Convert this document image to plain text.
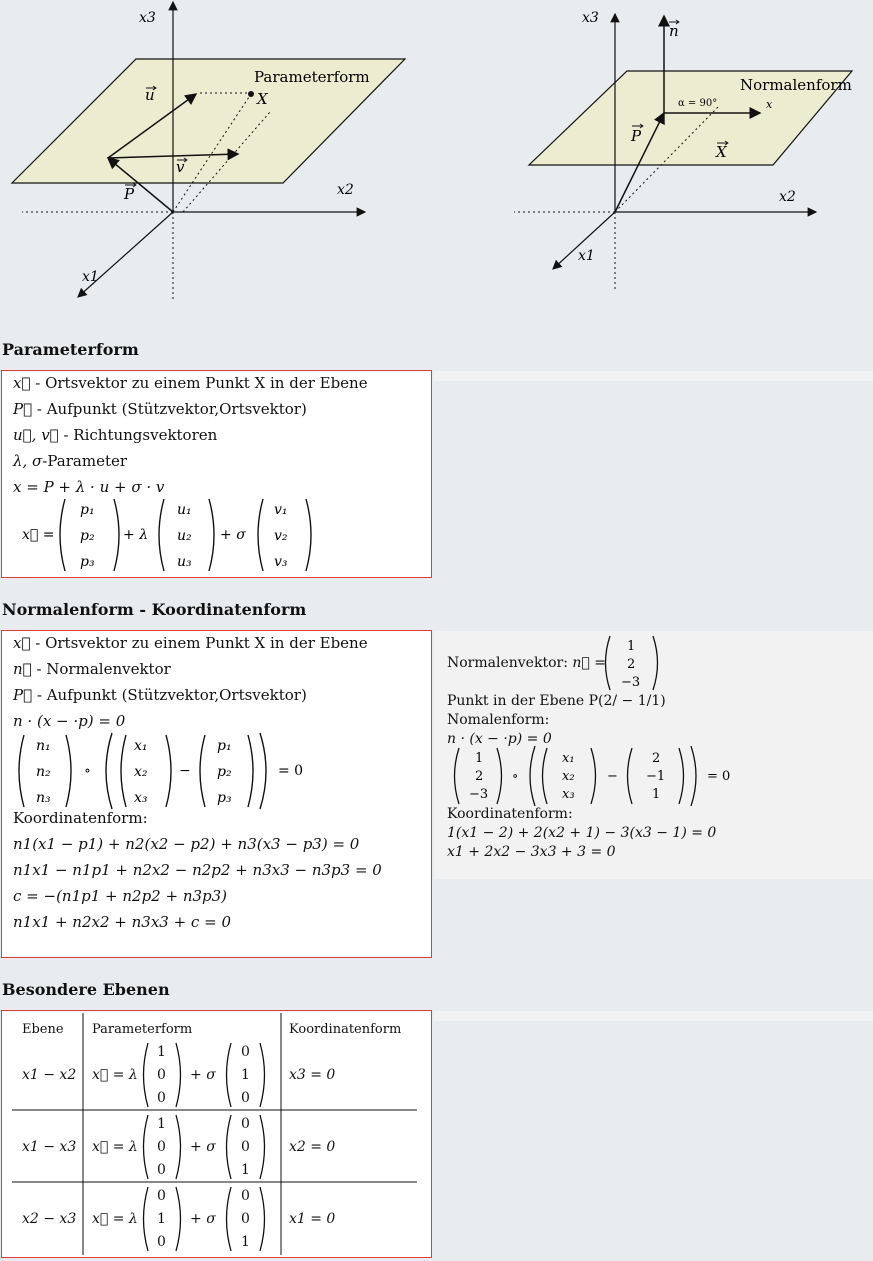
x3
x2
x1
u
v
P
X
Parameterform
x3
x2
x1
n
P
X
x
α = 90°
Normalenform
Parameterform
x⃗ - Ortsvektor zu einem Punkt X in der Ebene
P⃗ - Aufpunkt (Stützvektor,Ortsvektor)
u⃗, v⃗ - Richtungsvektoren
λ, σ-Parameter
x = P + λ · u + σ · v
x⃗ =
p₁
p₂
p₃
+ λ
u₁
u₂
u₃
+ σ
v₁
v₂
v₃
Normalenform - Koordinatenform
x⃗ - Ortsvektor zu einem Punkt X in der Ebene
n⃗ - Normalenvektor
P⃗ - Aufpunkt (Stützvektor,Ortsvektor)
n · (x − ·p) = 0
n₁
n₂
n₃
∘
x₁
x₂
x₃
−
p₁
p₂
p₃
= 0
Koordinatenform:
n1(x1 − p1) + n2(x2 − p2) + n3(x3 − p3) = 0
n1x1 − n1p1 + n2x2 − n2p2 + n3x3 − n3p3 = 0
c = −(n1p1 + n2p2 + n3p3)
n1x1 + n2x2 + n3x3 + c = 0
Normalenvektor: n⃗ =
1
2
−3
Punkt in der Ebene P(2/ − 1/1)
Nomalenform:
n · (x − ·p) = 0
1
2
−3
∘
x₁
x₂
x₃
−
2
−1
1
= 0
Koordinatenform:
1(x1 − 2) + 2(x2 + 1) − 3(x3 − 1) = 0
x1 + 2x2 − 3x3 + 3 = 0
Besondere Ebenen
Ebene Parameterform	Koordinatenform
x1 − x2 x⃗ = λ
1
0
0
+ σ
0
1
0
x3 = 0
x1 − x3 x⃗ = λ
1
0
0
+ σ
0
0
1
x2 = 0
x2 − x3 x⃗ = λ
0
1
0
+ σ
0
0
1
x1 = 0
